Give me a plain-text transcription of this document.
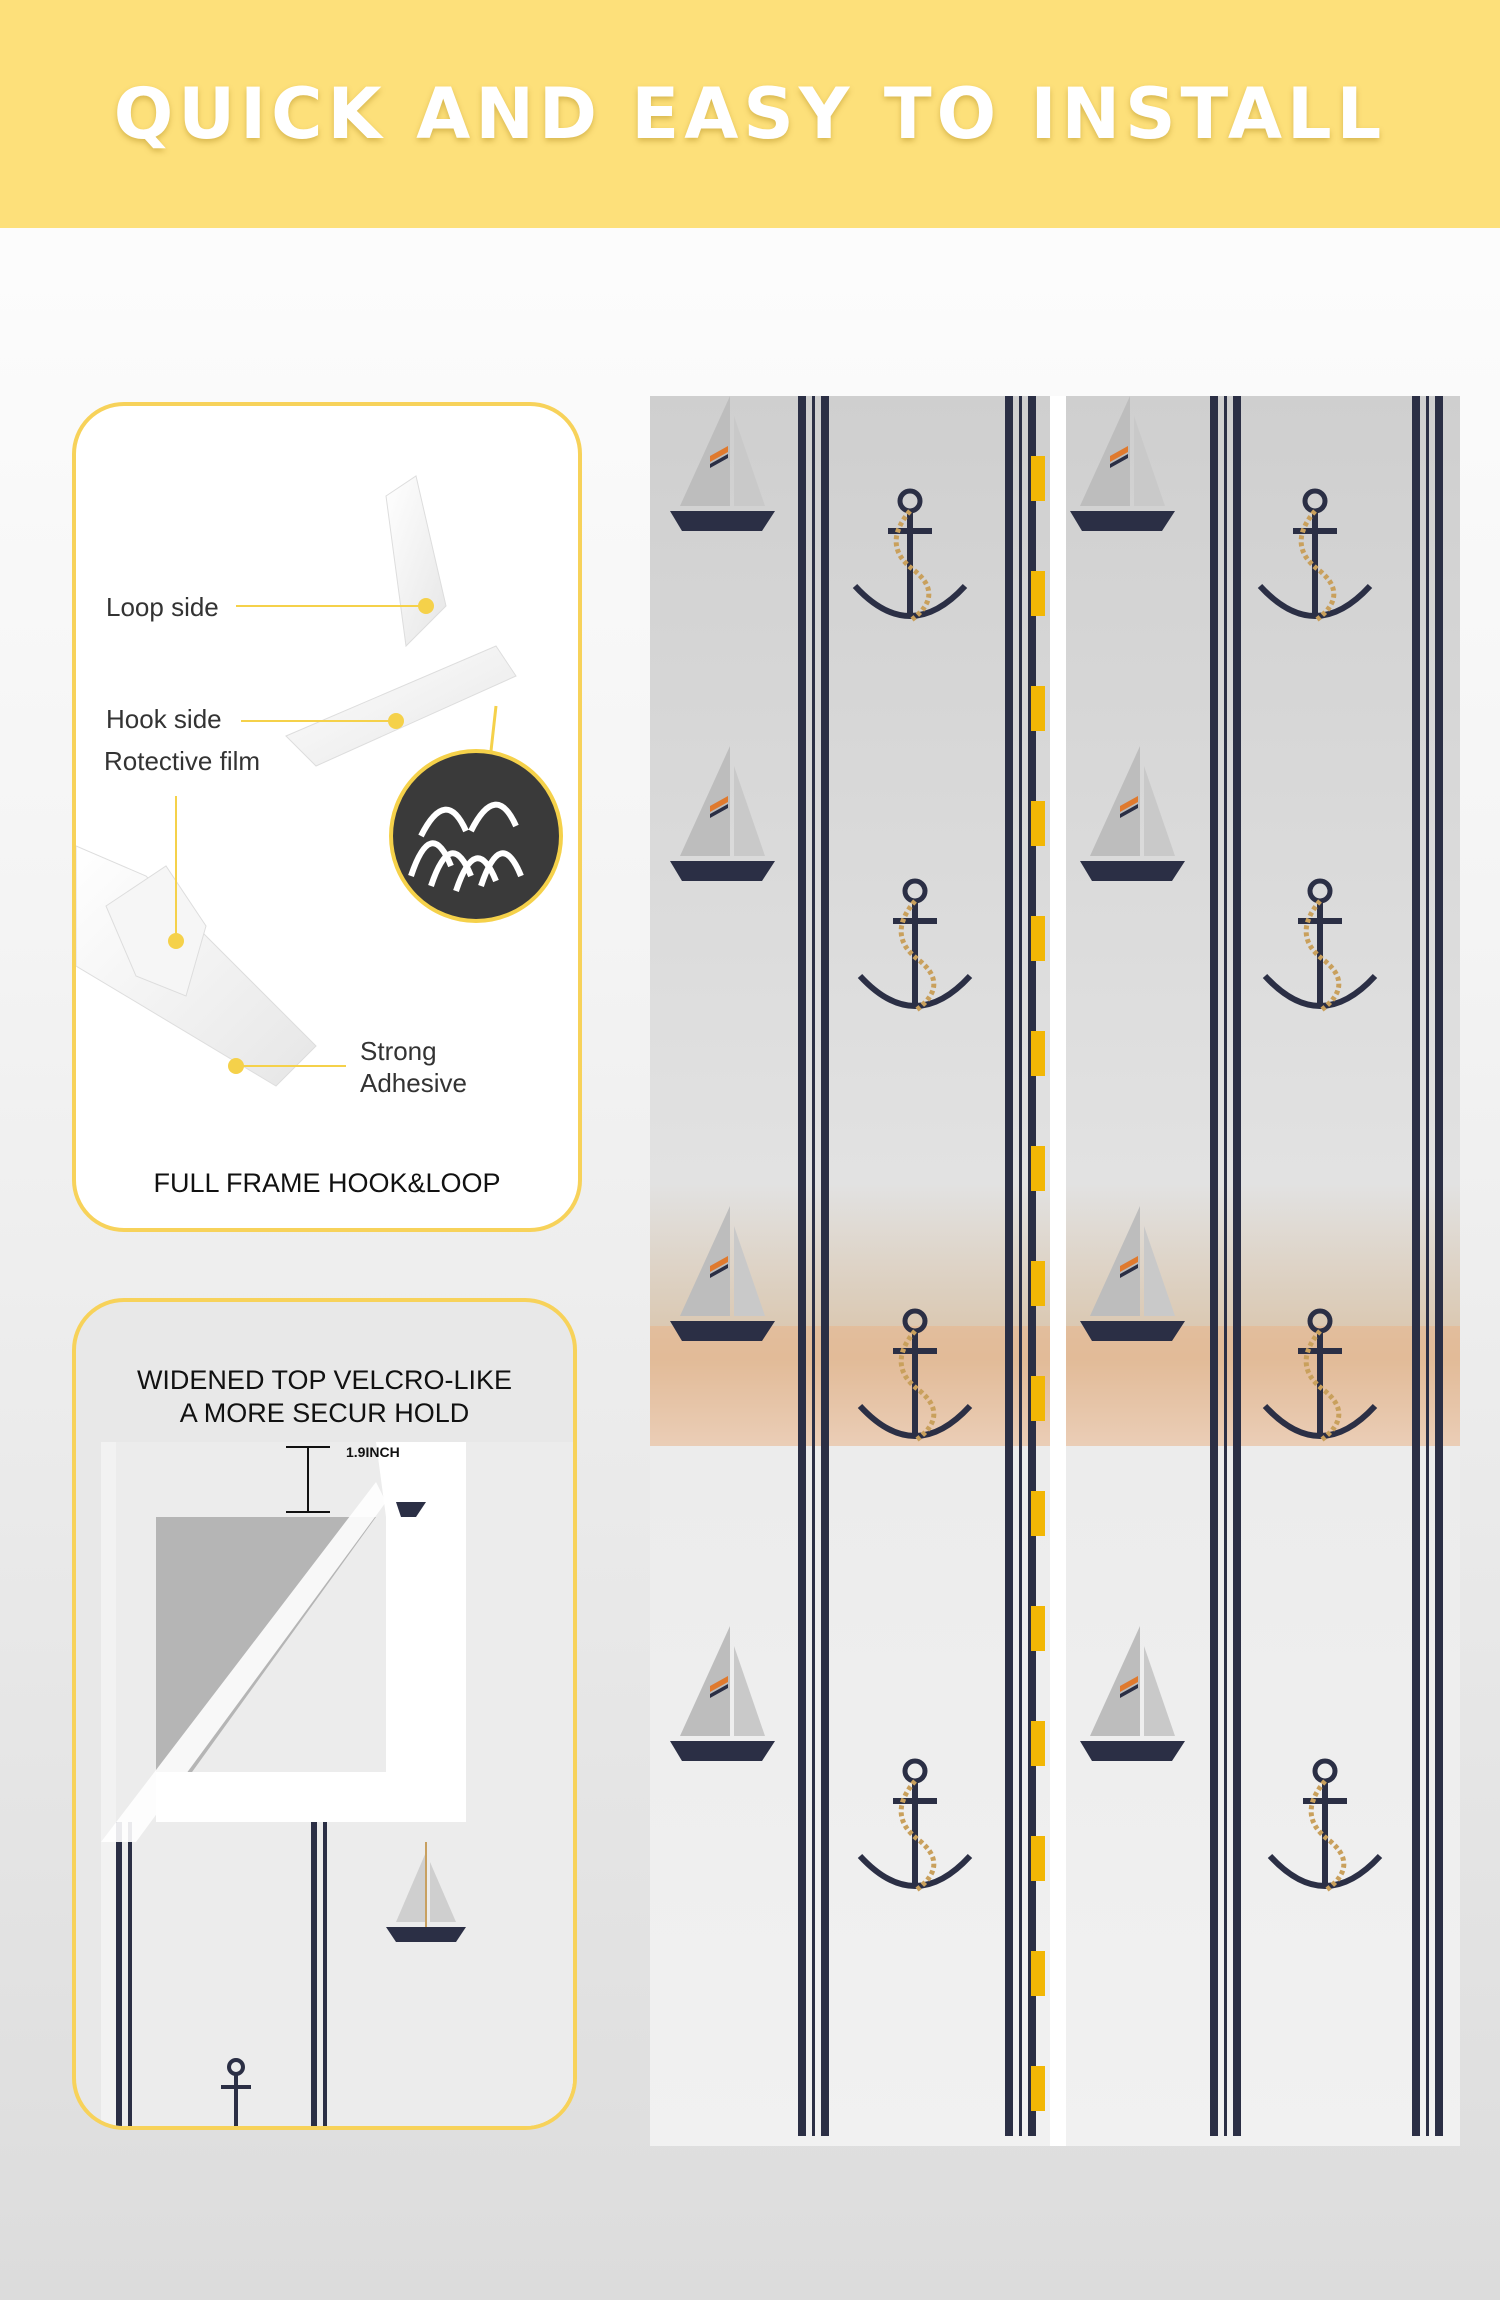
QUICK AND EASY TO INSTALL
Loop side
Hook side
Rotective film
Strong
Adhesive
FULL FRAME HOOK&LOOP
WIDENED TOP VELCRO-LIKE
A MORE SECUR HOLD
1.9INCH
